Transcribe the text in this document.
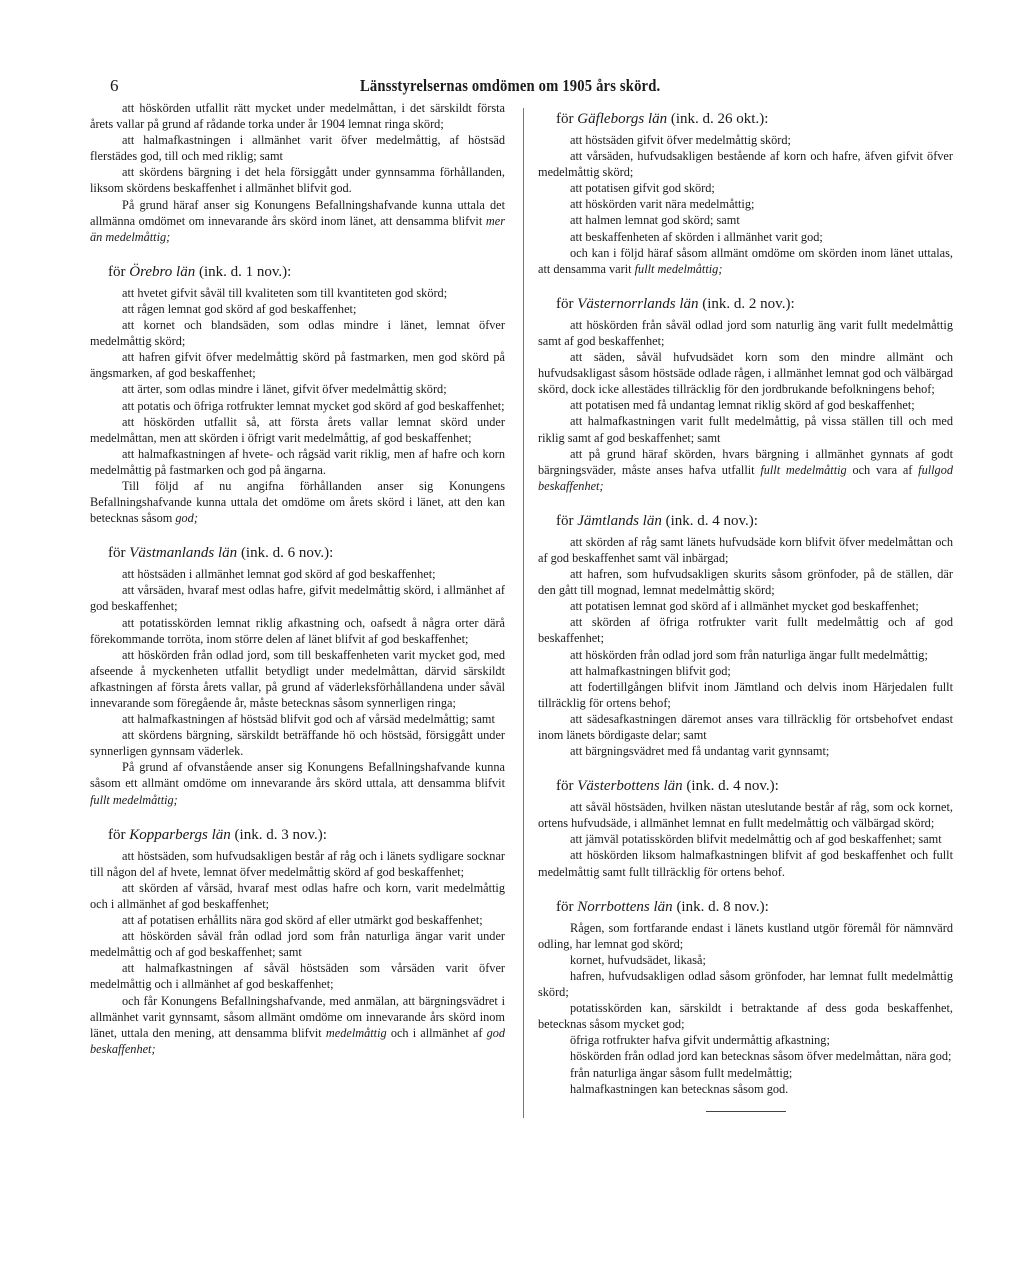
6	Länsstyrelsernas omdömen om 1905 års skörd.

att höskörden utfallit rätt mycket under medelmåttan, i det särskildt första årets vallar på grund af rådande torka under år 1904 lemnat ringa skörd;

att halmafkastningen i allmänhet varit öfver medelmåttig, af höstsäd flerstädes god, till och med riklig; samt

att skördens bärgning i det hela försiggått under gynnsamma förhållanden, liksom skördens beskaffenhet i allmänhet blifvit god.

På grund häraf anser sig Konungens Befallningshafvande kunna uttala det allmänna omdömet om innevarande års skörd inom länet, att densamma blifvit mer än medelmåttig;

för Örebro län (ink. d. 1 nov.):

att hvetet gifvit såväl till kvaliteten som till kvantiteten god skörd;

att rågen lemnat god skörd af god beskaffenhet;

att kornet och blandsäden, som odlas mindre i länet, lemnat öfver medelmåttig skörd;

att hafren gifvit öfver medelmåttig skörd på fastmarken, men god skörd på ängsmarken, af god beskaffenhet;

att ärter, som odlas mindre i länet, gifvit öfver medelmåttig skörd;

att potatis och öfriga rotfrukter lemnat mycket god skörd af god beskaffenhet;

att höskörden utfallit så, att första årets vallar lemnat skörd under medelmåttan, men att skörden i öfrigt varit medelmåttig, af god beskaffenhet;

att halmafkastningen af hvete- och rågsäd varit riklig, men af hafre och korn medelmåttig på fastmarken och god på ängarna.

Till följd af nu angifna förhållanden anser sig Konungens Befallningshafvande kunna uttala det omdöme om årets skörd i länet, att den kan betecknas såsom god;

för Västmanlands län (ink. d. 6 nov.):

att höstsäden i allmänhet lemnat god skörd af god beskaffenhet;

att vårsäden, hvaraf mest odlas hafre, gifvit medelmåttig skörd, i allmänhet af god beskaffenhet;

att potatisskörden lemnat riklig afkastning och, oafsedt å några orter därå förekommande torröta, inom större delen af länet blifvit af god beskaffenhet;

att höskörden från odlad jord, som till beskaffenheten varit mycket god, med afseende å myckenheten utfallit betydligt under medelmåttan, därvid särskildt afkastningen af första årets vallar, på grund af väderleksförhållandena under såväl innevarande som föregående år, måste betecknas såsom synnerligen ringa;

att halmafkastningen af höstsäd blifvit god och af vårsäd medelmåttig; samt

att skördens bärgning, särskildt beträffande hö och höstsäd, försiggått under synnerligen gynnsam väderlek.

På grund af ofvanstående anser sig Konungens Befallningshafvande kunna såsom ett allmänt omdöme om innevarande års skörd uttala, att densamma blifvit fullt medelmåttig;

för Kopparbergs län (ink. d. 3 nov.):

att höstsäden, som hufvudsakligen består af råg och i länets sydligare socknar till någon del af hvete, lemnat öfver medelmåttig skörd af god beskaffenhet;

att skörden af vårsäd, hvaraf mest odlas hafre och korn, varit medelmåttig och i allmänhet af god beskaffenhet;

att af potatisen erhållits nära god skörd af eller utmärkt god beskaffenhet;

att höskörden såväl från odlad jord som från naturliga ängar varit under medelmåttig och af god beskaffenhet; samt

att halmafkastningen af såväl höstsäden som vårsäden varit öfver medelmåttig och i allmänhet af god beskaffenhet;

och får Konungens Befallningshafvande, med anmälan, att bärgningsvädret i allmänhet varit gynnsamt, såsom allmänt omdöme om innevarande års skörd inom länet, uttala den mening, att densamma blifvit medelmåttig och i allmänhet af god beskaffenhet;

för Gäfleborgs län (ink. d. 26 okt.):

att höstsäden gifvit öfver medelmåttig skörd;

att vårsäden, hufvudsakligen bestående af korn och hafre, äfven gifvit öfver medelmåttig skörd;

att potatisen gifvit god skörd;

att höskörden varit nära medelmåttig;

att halmen lemnat god skörd; samt

att beskaffenheten af skörden i allmänhet varit god;

och kan i följd häraf såsom allmänt omdöme om skörden inom länet uttalas, att densamma varit fullt medelmåttig;

för Västernorrlands län (ink. d. 2 nov.):

att höskörden från såväl odlad jord som naturlig äng varit fullt medelmåttig samt af god beskaffenhet;

att säden, såväl hufvudsädet korn som den mindre allmänt och hufvudsakligast såsom höstsäde odlade rågen, i allmänhet lemnat god och välbärgad skörd, dock icke allestädes tillräcklig för den jordbrukande befolkningens behof;

att potatisen med få undantag lemnat riklig skörd af god beskaffenhet;

att halmafkastningen varit fullt medelmåttig, på vissa ställen till och med riklig samt af god beskaffenhet; samt

att på grund häraf skörden, hvars bärgning i allmänhet gynnats af godt bärgningsväder, måste anses hafva utfallit fullt medelmåttig och vara af fullgod beskaffenhet;

för Jämtlands län (ink. d. 4 nov.):

att skörden af råg samt länets hufvudsäde korn blifvit öfver medelmåttan och af god beskaffenhet samt väl inbärgad;

att hafren, som hufvudsakligen skurits såsom grönfoder, på de ställen, där den gått till mognad, lemnat medelmåttig skörd;

att potatisen lemnat god skörd af i allmänhet mycket god beskaffenhet;

att skörden af öfriga rotfrukter varit fullt medelmåttig och af god beskaffenhet;

att höskörden från odlad jord som från naturliga ängar fullt medelmåttig;

att halmafkastningen blifvit god;

att fodertillgången blifvit inom Jämtland och delvis inom Härjedalen fullt tillräcklig för ortens behof;

att sädesafkastningen däremot anses vara tillräcklig för ortsbehofvet endast inom länets bördigaste delar; samt

att bärgningsvädret med få undantag varit gynnsamt;

för Västerbottens län (ink. d. 4 nov.):

att såväl höstsäden, hvilken nästan uteslutande består af råg, som ock kornet, ortens hufvudsäde, i allmänhet lemnat en fullt medelmåttig och välbärgad skörd;

att jämväl potatisskörden blifvit medelmåttig och af god beskaffenhet; samt

att höskörden liksom halmafkastningen blifvit af god beskaffenhet och fullt medelmåttig samt fullt tillräcklig för ortens behof.

för Norrbottens län (ink. d. 8 nov.):

Rågen, som fortfarande endast i länets kustland utgör föremål för nämnvärd odling, har lemnat god skörd;

kornet, hufvudsädet, likaså;

hafren, hufvudsakligen odlad såsom grönfoder, har lemnat fullt medelmåttig skörd;

potatisskörden kan, särskildt i betraktande af dess goda beskaffenhet, betecknas såsom mycket god;

öfriga rotfrukter hafva gifvit undermåttig afkastning;

höskörden från odlad jord kan betecknas såsom öfver medelmåttan, nära god;

från naturliga ängar såsom fullt medelmåttig;

halmafkastningen kan betecknas såsom god.
